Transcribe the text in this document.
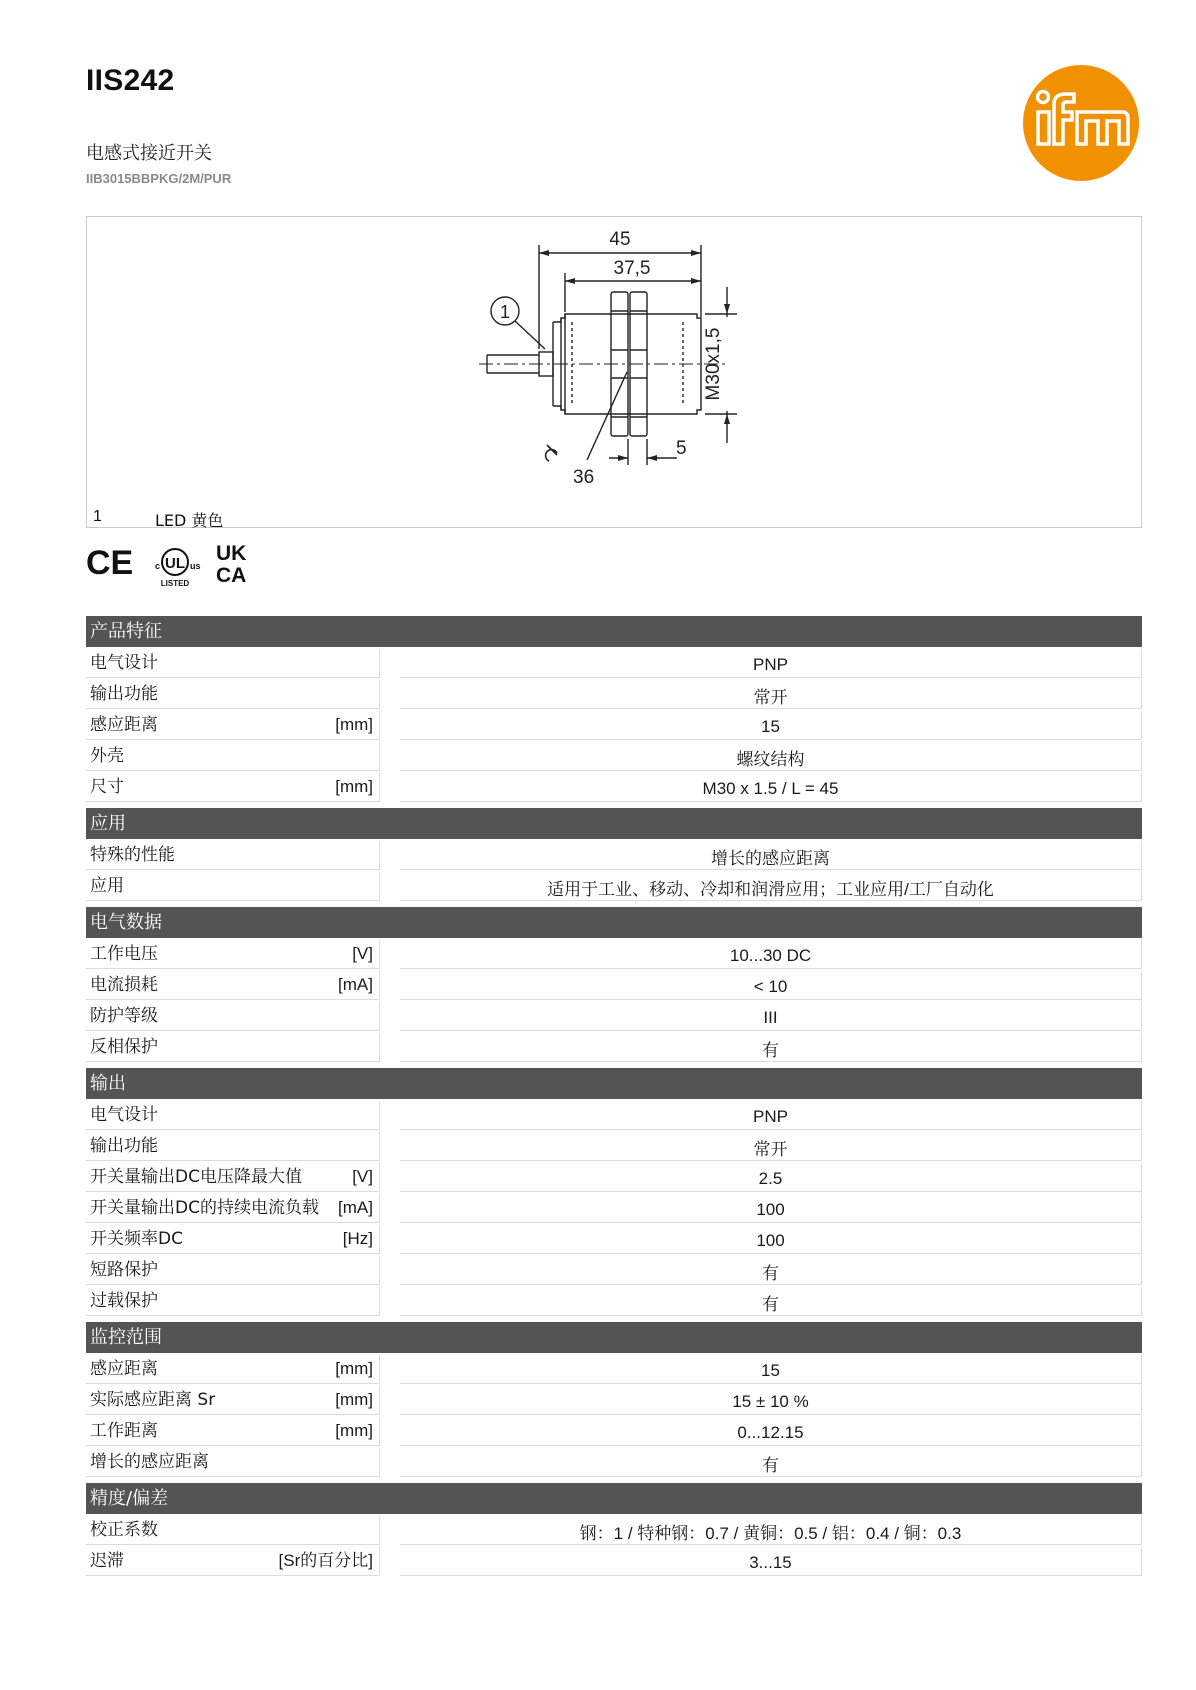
IIS242
电感式接近开关
IIB3015BBPKG/2M/PUR
ifm
45
37,5
M30x1,5
36
5
1
1	LED 黄色
CE c UL us
LISTED
UK
CA
产品特征
电气设计	PNP
输出功能	常开
感应距离	[mm]	15
外壳	螺纹结构
尺寸	[mm]	M30 x 1.5 / L = 45
应用
特殊的性能	增长的感应距离
应用	适用于工业、移动、冷却和润滑应用；工业应用/工厂自动化
电气数据
工作电压	[V]	10...30 DC
电流损耗	[mA]	< 10
防护等级	III
反相保护	有
输出
电气设计	PNP
输出功能	常开
开关量输出DC电压降最大值	[V]	2.5
开关量输出DC的持续电流负载	[mA]	100
开关频率DC	[Hz]	100
短路保护	有
过载保护	有
监控范围
感应距离	[mm]	15
实际感应距离 Sr	[mm]	15 ± 10 %
工作距离	[mm]	0...12.15
增长的感应距离	有
精度/偏差
校正系数	钢：1 / 特种钢：0.7 / 黄铜：0.5 / 铝：0.4 / 铜：0.3
迟滞	[Sr的百分比]	3...15
